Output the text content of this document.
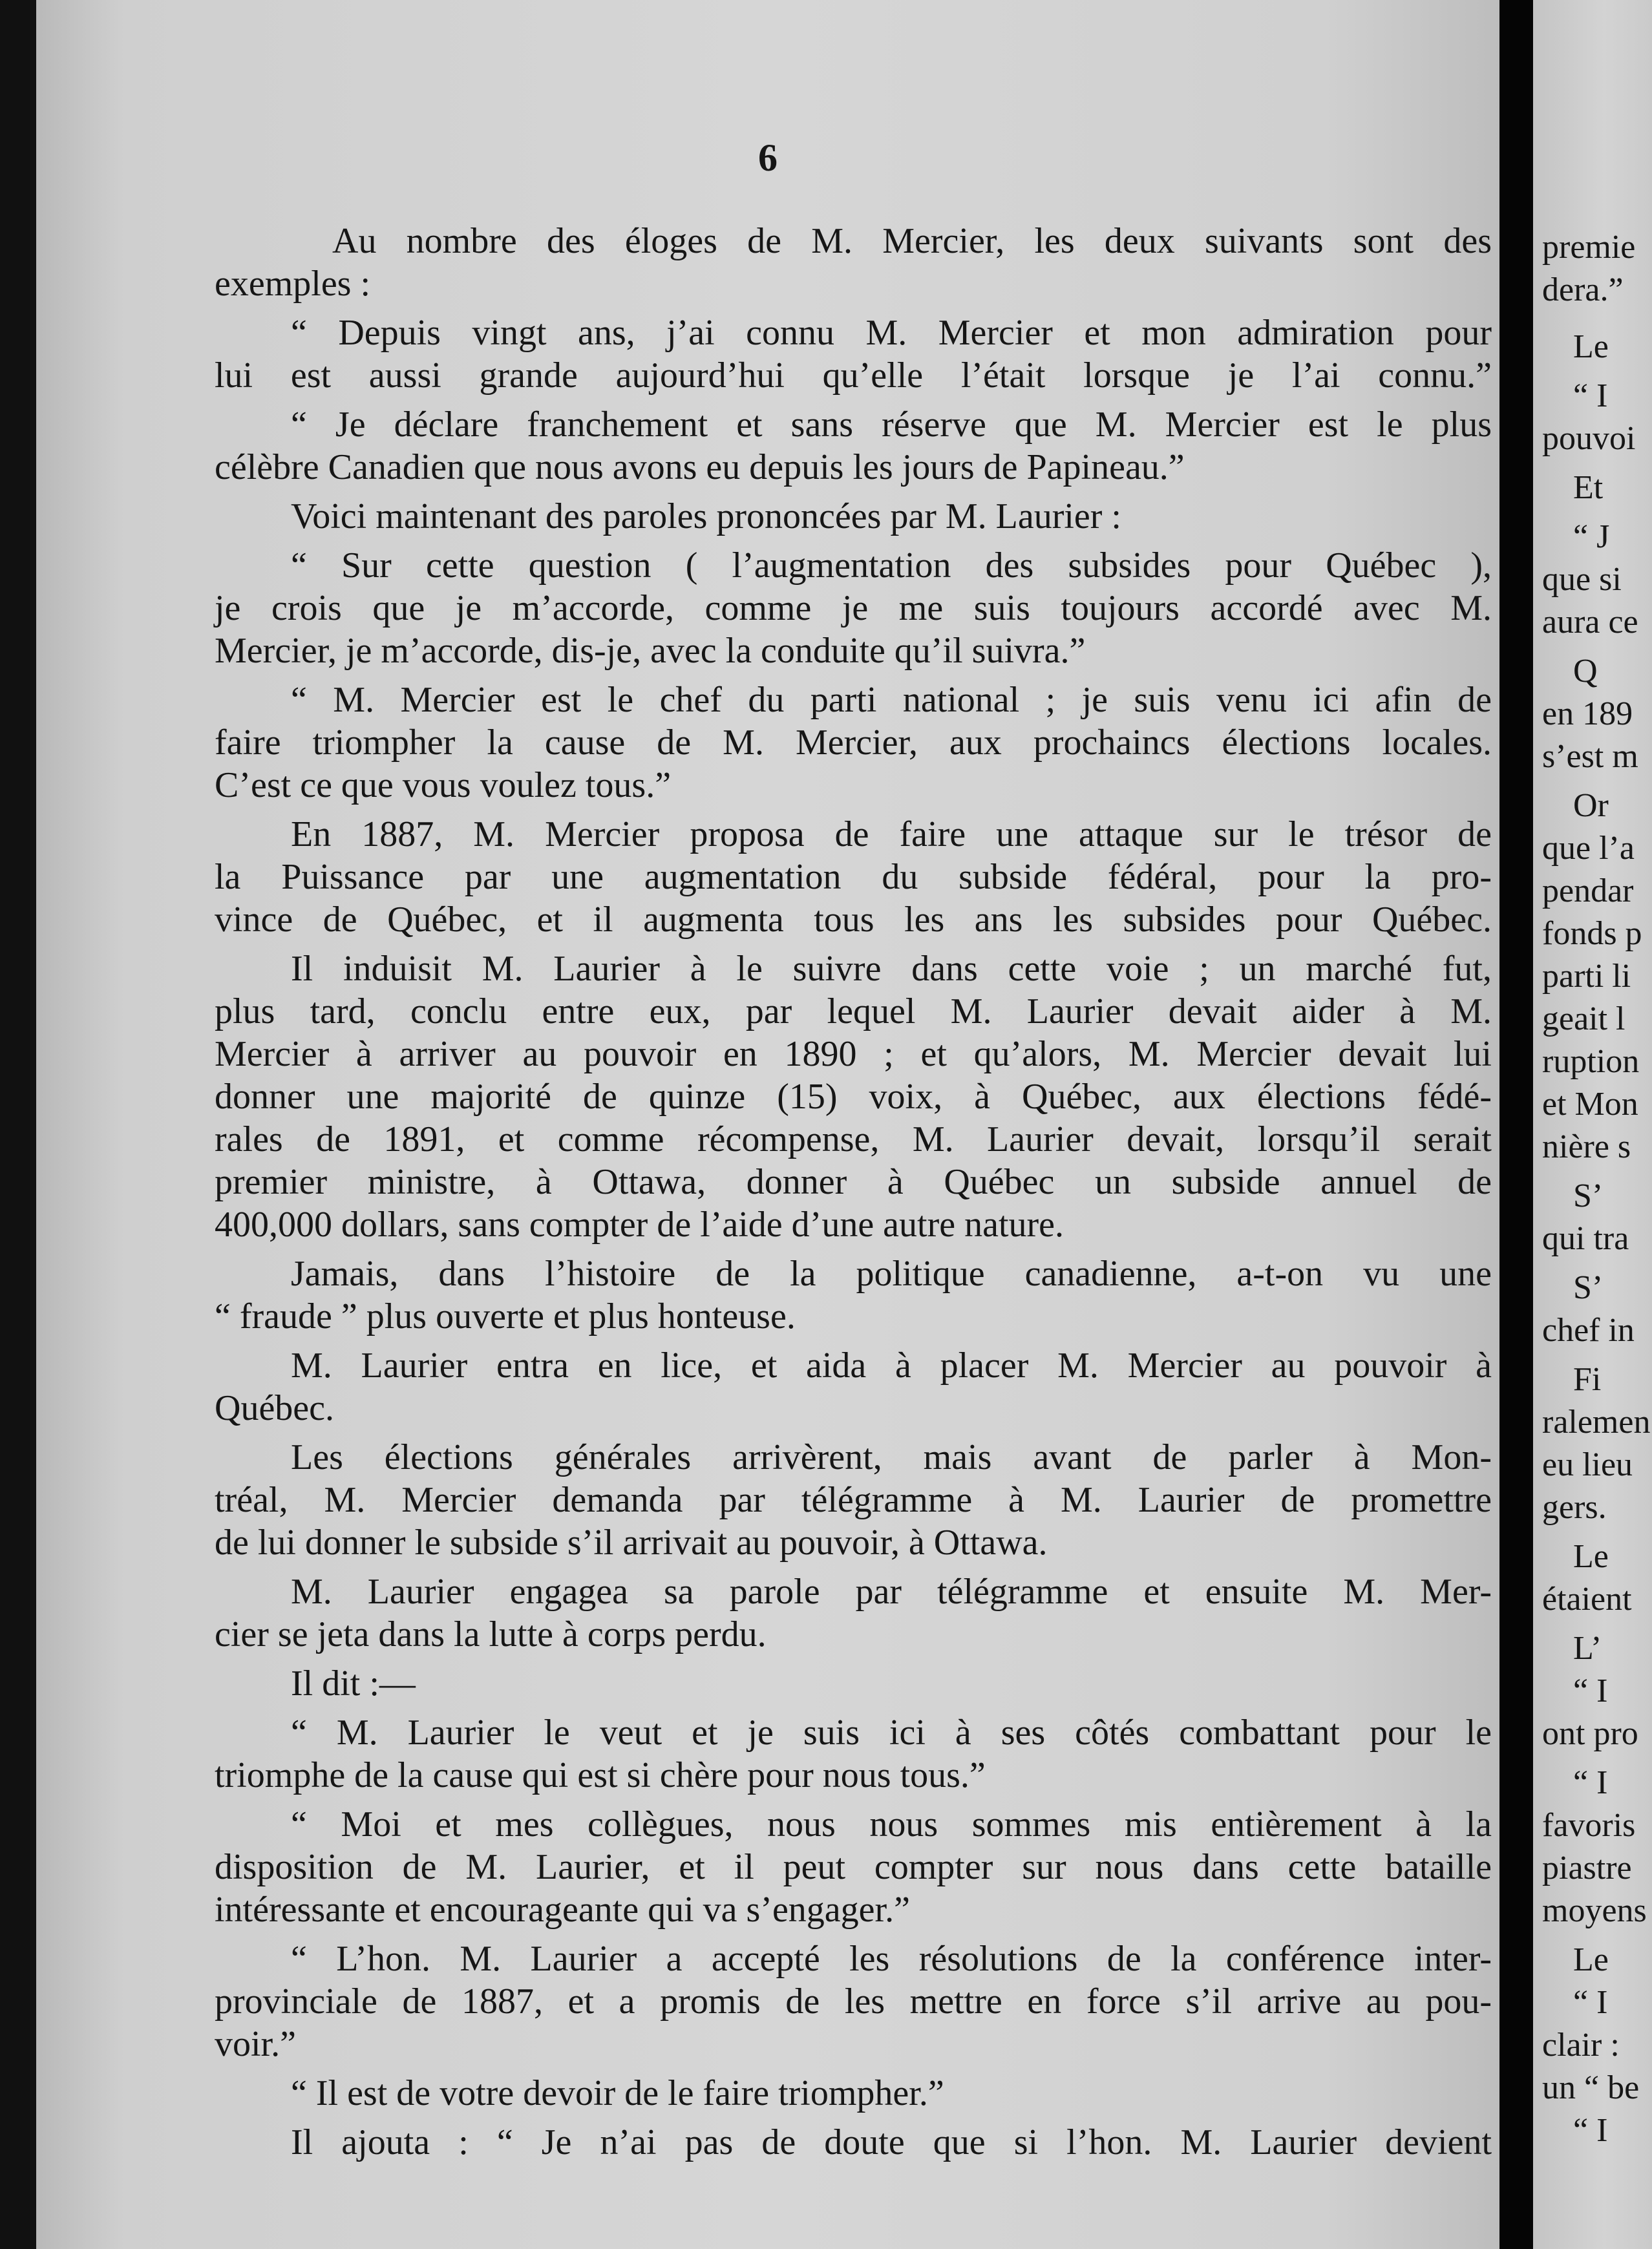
6
Au nombre des éloges de M. Mercier, les deux suivants sont des
exemples :
“ Depuis vingt ans, j’ai connu M. Mercier et mon admiration pour
lui est aussi grande aujourd’hui qu’elle l’était lorsque je l’ai connu.”
“ Je déclare franchement et sans réserve que M. Mercier est le plus
célèbre Canadien que nous avons eu depuis les jours de Papineau.”
Voici maintenant des paroles prononcées par M. Laurier :
“ Sur cette question ( l’augmentation des subsides pour Québec ),
je crois que je m’accorde, comme je me suis toujours accordé avec M.
Mercier, je m’accorde, dis-je, avec la conduite qu’il suivra.”
“ M. Mercier est le chef du parti national ; je suis venu ici afin de
faire triompher la cause de M. Mercier, aux prochaincs élections locales.
C’est ce que vous voulez tous.”
En 1887, M. Mercier proposa de faire une attaque sur le trésor de
la Puissance par une augmentation du subside fédéral, pour la pro-
vince de Québec, et il augmenta tous les ans les subsides pour Québec.
Il induisit M. Laurier à le suivre dans cette voie ; un marché fut,
plus tard, conclu entre eux, par lequel M. Laurier devait aider à M.
Mercier à arriver au pouvoir en 1890 ; et qu’alors, M. Mercier devait lui
donner une majorité de quinze (15) voix, à Québec, aux élections fédé-
rales de 1891, et comme récompense, M. Laurier devait, lorsqu’il serait
premier ministre, à Ottawa, donner à Québec un subside annuel de
400,000 dollars, sans compter de l’aide d’une autre nature.
Jamais, dans l’histoire de la politique canadienne, a-t-on vu une
“ fraude ” plus ouverte et plus honteuse.
M. Laurier entra en lice, et aida à placer M. Mercier au pouvoir à
Québec.
Les élections générales arrivèrent, mais avant de parler à Mon-
tréal, M. Mercier demanda par télégramme à M. Laurier de promettre
de lui donner le subside s’il arrivait au pouvoir, à Ottawa.
M. Laurier engagea sa parole par télégramme et ensuite M. Mer-
cier se jeta dans la lutte à corps perdu.
Il dit :—
“ M. Laurier le veut et je suis ici à ses côtés combattant pour le
triomphe de la cause qui est si chère pour nous tous.”
“ Moi et mes collègues, nous nous sommes mis entièrement à la
disposition de M. Laurier, et il peut compter sur nous dans cette bataille
intéressante et encourageante qui va s’engager.”
“ L’hon. M. Laurier a accepté les résolutions de la conférence inter-
provinciale de 1887, et a promis de les mettre en force s’il arrive au pou-
voir.”
“ Il est de votre devoir de le faire triompher.”
Il ajouta : “ Je n’ai pas de doute que si l’hon. M. Laurier devient
premie
dera.”
Le
“ I
pouvoi
Et
“ J
que si
aura ce
Q
en 189
s’est m
Or
que l’a
pendar
fonds p
parti li
geait l
ruption
et Mon
nière s
S’
qui tra
S’
chef in
Fi
ralemen
eu lieu
gers.
Le
étaient
L’
“ I
ont pro
“ I
favoris
piastre
moyens
Le
“ I
clair :
un “ be
“ I
